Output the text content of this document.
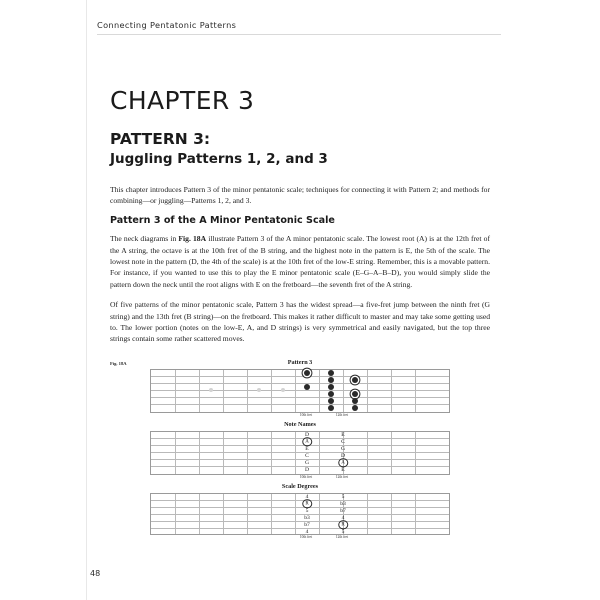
Connecting Pentatonic Patterns
CHAPTER 3
PATTERN 3:
Juggling Patterns 1, 2, and 3

This chapter introduces Pattern 3 of the minor pentatonic scale; techniques for connecting it with Pattern 2; and methods for combining—or juggling—Patterns 1, 2, and 3.

Pattern 3 of the A Minor Pentatonic Scale

The neck diagrams in Fig. 18A illustrate Pattern 3 of the A minor pentatonic scale. The lowest root (A) is at the 12th fret of the A string, the octave is at the 10th fret of the B string, and the highest note in the pattern is E, the 5th of the scale. The lowest note in the pattern (D, the 4th of the scale) is at the 10th fret of the low-E string. Remember, this is a movable pattern. For instance, if you wanted to use this to play the E minor pentatonic scale (E–G–A–B–D), you would simply slide the pattern down the neck until the root aligns with E on the fretboard—the seventh fret of the A string.

Of five patterns of the minor pentatonic scale, Pattern 3 has the widest spread—a five-fret jump between the ninth fret (G string) and the 13th fret (B string)—on the fretboard. This makes it rather difficult to master and may take some getting used to. The lower portion (notes on the low-E, A, and D strings) is very symmetrical and easily navigated, but the top three strings contain some rather scattered moves.

Fig. 18A	Pattern 3
10th fret	12th fret
Note Names
D
A
E
C
G
D
E
C
G
D
A
E
10th fret	12th fret
Scale Degrees
4
R
5
b3
b7
4
5
b3
b7
4
R
5
10th fret	12th fret
48
